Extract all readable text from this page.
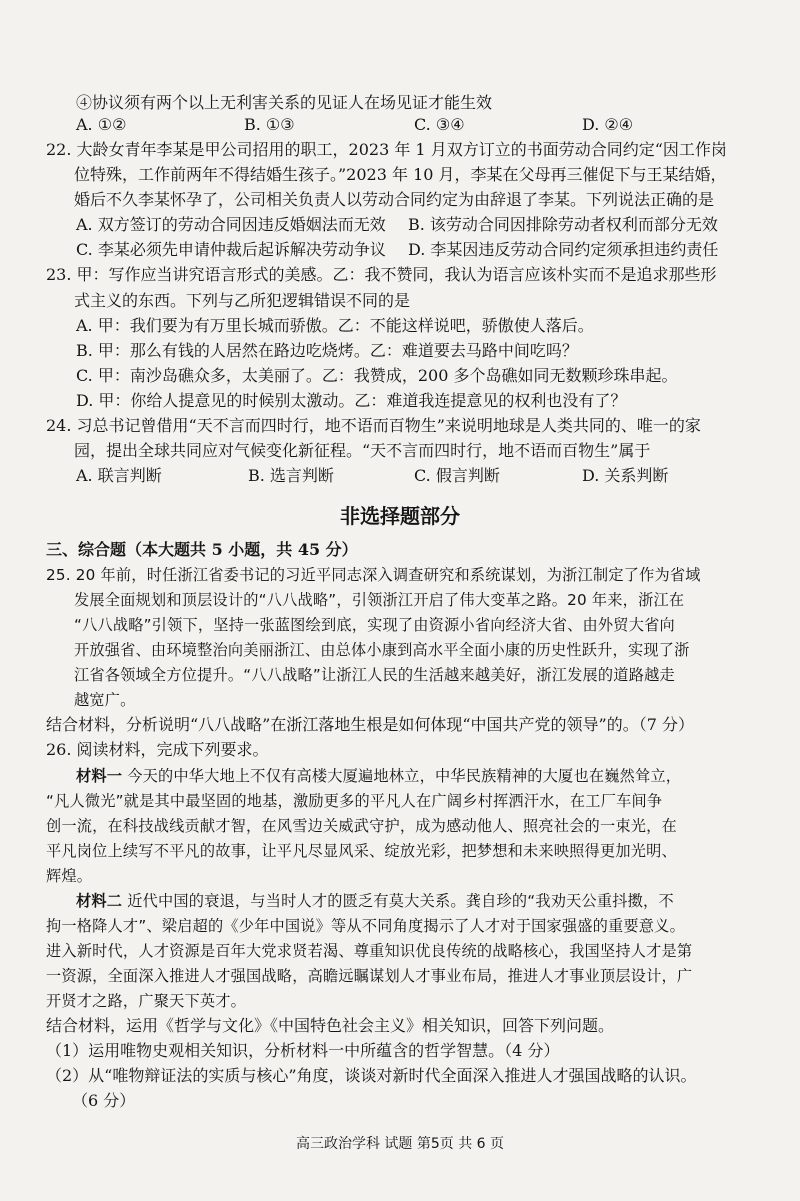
④协议须有两个以上无利害关系的见证人在场见证才能生效
A. ①②	B. ①③	C. ③④	D. ②④
22. 大龄女青年李某是甲公司招用的职工，2023 年 1 月双方订立的书面劳动合同约定“因工作岗
位特殊，工作前两年不得结婚生孩子。”2023 年 10 月，李某在父母再三催促下与王某结婚，
婚后不久李某怀孕了，公司相关负责人以劳动合同约定为由辞退了李某。下列说法正确的是
A. 双方签订的劳动合同因违反婚姻法而无效 B. 该劳动合同因排除劳动者权利而部分无效
C. 李某必须先申请仲裁后起诉解决劳动争议 D. 李某因违反劳动合同约定须承担违约责任
23. 甲：写作应当讲究语言形式的美感。乙：我不赞同，我认为语言应该朴实而不是追求那些形
式主义的东西。下列与乙所犯逻辑错误不同的是
A. 甲：我们要为有万里长城而骄傲。乙：不能这样说吧，骄傲使人落后。
B. 甲：那么有钱的人居然在路边吃烧烤。乙：难道要去马路中间吃吗？
C. 甲：南沙岛礁众多，太美丽了。乙：我赞成，200 多个岛礁如同无数颗珍珠串起。
D. 甲：你给人提意见的时候别太激动。乙：难道我连提意见的权利也没有了？
24. 习总书记曾借用“天不言而四时行，地不语而百物生”来说明地球是人类共同的、唯一的家
园，提出全球共同应对气候变化新征程。“天不言而四时行，地不语而百物生”属于
A. 联言判断	B. 选言判断	C. 假言判断	D. 关系判断
非选择题部分
三、综合题（本大题共 5 小题，共 45 分）
25. 20 年前，时任浙江省委书记的习近平同志深入调查研究和系统谋划，为浙江制定了作为省域
发展全面规划和顶层设计的“八八战略”，引领浙江开启了伟大变革之路。20 年来，浙江在
“八八战略”引领下，坚持一张蓝图绘到底，实现了由资源小省向经济大省、由外贸大省向
开放强省、由环境整治向美丽浙江、由总体小康到高水平全面小康的历史性跃升，实现了浙
江省各领域全方位提升。“八八战略”让浙江人民的生活越来越美好，浙江发展的道路越走
越宽广。
结合材料，分析说明“八八战略”在浙江落地生根是如何体现“中国共产党的领导”的。（7 分）
26. 阅读材料，完成下列要求。
材料一 今天的中华大地上不仅有高楼大厦遍地林立，中华民族精神的大厦也在巍然耸立，
“凡人微光”就是其中最坚固的地基，激励更多的平凡人在广阔乡村挥洒汗水，在工厂车间争
创一流，在科技战线贡献才智，在风雪边关威武守护，成为感动他人、照亮社会的一束光，在
平凡岗位上续写不平凡的故事，让平凡尽显风采、绽放光彩，把梦想和未来映照得更加光明、
辉煌。
材料二 近代中国的衰退，与当时人才的匮乏有莫大关系。龚自珍的“我劝天公重抖擞，不
拘一格降人才”、梁启超的《少年中国说》等从不同角度揭示了人才对于国家强盛的重要意义。
进入新时代，人才资源是百年大党求贤若渴、尊重知识优良传统的战略核心，我国坚持人才是第
一资源，全面深入推进人才强国战略，高瞻远瞩谋划人才事业布局，推进人才事业顶层设计，广
开贤才之路，广聚天下英才。
结合材料，运用《哲学与文化》《中国特色社会主义》相关知识，回答下列问题。
（1）运用唯物史观相关知识，分析材料一中所蕴含的哲学智慧。（4 分）
（2）从“唯物辩证法的实质与核心”角度，谈谈对新时代全面深入推进人才强国战略的认识。
（6 分）
高三政治学科 试题 第5页 共 6 页
